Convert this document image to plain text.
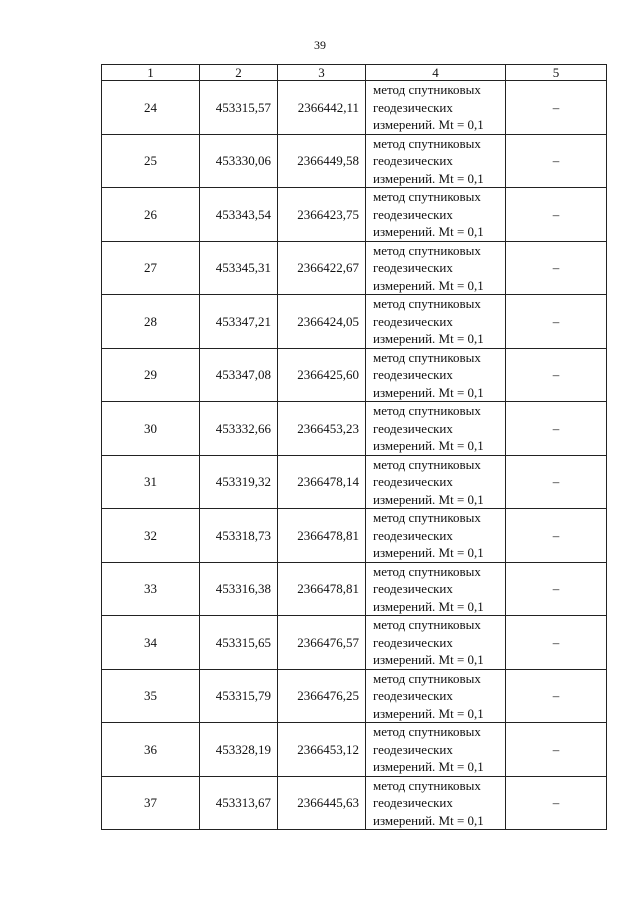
39
1	2	3	4	5
24	453315,57	2366442,11	метод спутниковых
геодезических
измерений. Mt = 0,1	–
25	453330,06	2366449,58	метод спутниковых
геодезических
измерений. Mt = 0,1	–
26	453343,54	2366423,75	метод спутниковых
геодезических
измерений. Mt = 0,1	–
27	453345,31	2366422,67	метод спутниковых
геодезических
измерений. Mt = 0,1	–
28	453347,21	2366424,05	метод спутниковых
геодезических
измерений. Mt = 0,1	–
29	453347,08	2366425,60	метод спутниковых
геодезических
измерений. Mt = 0,1	–
30	453332,66	2366453,23	метод спутниковых
геодезических
измерений. Mt = 0,1	–
31	453319,32	2366478,14	метод спутниковых
геодезических
измерений. Mt = 0,1	–
32	453318,73	2366478,81	метод спутниковых
геодезических
измерений. Mt = 0,1	–
33	453316,38	2366478,81	метод спутниковых
геодезических
измерений. Mt = 0,1	–
34	453315,65	2366476,57	метод спутниковых
геодезических
измерений. Mt = 0,1	–
35	453315,79	2366476,25	метод спутниковых
геодезических
измерений. Mt = 0,1	–
36	453328,19	2366453,12	метод спутниковых
геодезических
измерений. Mt = 0,1	–
37	453313,67	2366445,63	метод спутниковых
геодезических
измерений. Mt = 0,1	–
